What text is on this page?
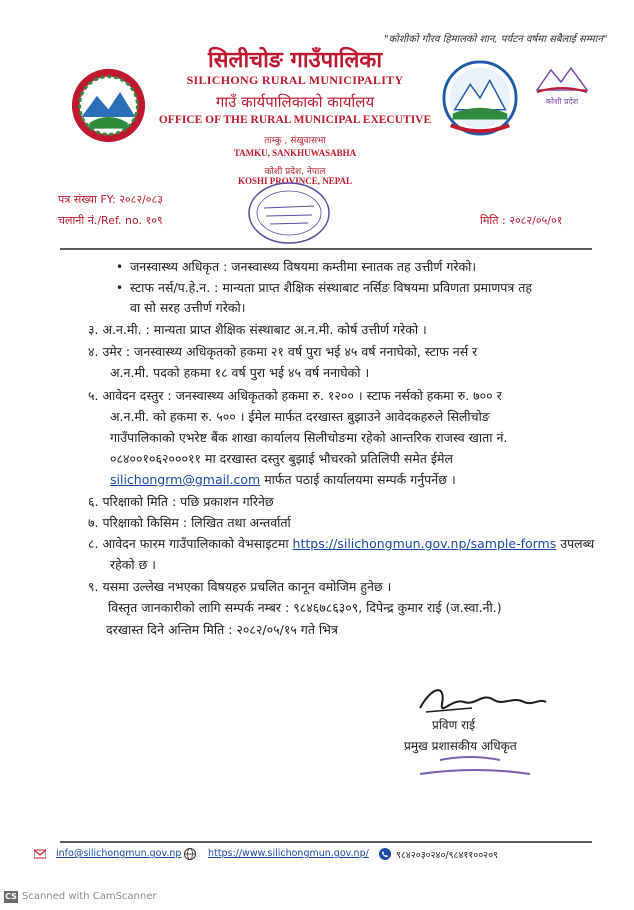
"कोशीको गौरव हिमालको शान, पर्यटन वर्षमा सबैलाई सम्मान"
सिलीचोङ गाउँपालिका
SILICHONG RURAL MUNICIPALITY
गाउँ कार्यपालिकाको कार्यालय
OFFICE OF THE RURAL MUNICIPAL EXECUTIVE
ताम्कु , संखुवासभा
TAMKU, SANKHUWASABHA
कोशी प्रदेश, नेपाल
KOSHI PROVINCE, NEPAL
कोशी प्रदेश
पत्र संख्या FY: २०८२/०८३
चलानी नं./Ref. no. १०९	मिति : २०८२/०५/०१
• जनस्वास्थ्य अधिकृत : जनस्वास्थ्य विषयमा कम्तीमा स्नातक तह उत्तीर्ण गरेको।
• स्टाफ नर्स/प.हे.न. : मान्यता प्राप्त शैक्षिक संस्थाबाट नर्सिङ विषयमा प्रविणता प्रमाणपत्र तह
वा सो सरह उत्तीर्ण गरेको।
३. अ.न.मी. : मान्यता प्राप्त शैक्षिक संस्थाबाट अ.न.मी. कोर्ष उत्तीर्ण गरेको ।
४. उमेर : जनस्वास्थ्य अधिकृतको हकमा २१ वर्ष पुरा भई ४५ वर्ष ननाघेको, स्टाफ नर्स र
अ.न.मी. पदको हकमा १८ वर्ष पुरा भई ४५ वर्ष ननाघेको ।
५. आवेदन दस्तुर : जनस्वास्थ्य अधिकृतको हकमा रु. १२०० । स्टाफ नर्सको हकमा रु. ७०० र
अ.न.मी. को हकमा रु. ५०० । ईमेल मार्फत दरखास्त बुझाउने आवेदकहरुले सिलीचोङ
गाउँपालिकाको एभरेष्ट बैंक शाखा कार्यालय सिलीचोङमा रहेको आन्तरिक राजस्व खाता नं.
०८४००१०६२०००११ मा दरखास्त दस्तुर बुझाई भौचरको प्रतिलिपी समेत ईमेल
silichongrm@gmail.com मार्फत पठाई कार्यालयमा सम्पर्क गर्नुपर्नेछ ।
६. परिक्षाको मिति : पछि प्रकाशन गरिनेछ
७. परिक्षाको किसिम : लिखित तथा अन्तर्वार्ता
८. आवेदन फारम गाउँपालिकाको वेभसाइटमा https://silichongmun.gov.np/sample-forms उपलब्ध
रहेको छ ।
९. यसमा उल्लेख नभएका विषयहरु प्रचलित कानून वमोजिम हुनेछ ।
विस्तृत जानकारीको लागि सम्पर्क नम्बर : ९८४६७८६३०९, दिपेन्द्र कुमार राई (ज.स्वा.नी.)
दरखास्त दिने अन्तिम मिति : २०८२/०५/१५ गते भित्र
प्रविण राई
प्रमुख प्रशासकीय अधिकृत
info@silichongmun.gov.np	https://www.silichongmun.gov.np/	९८४२०३०२४०/९८४११००२०९
CS Scanned with CamScanner
